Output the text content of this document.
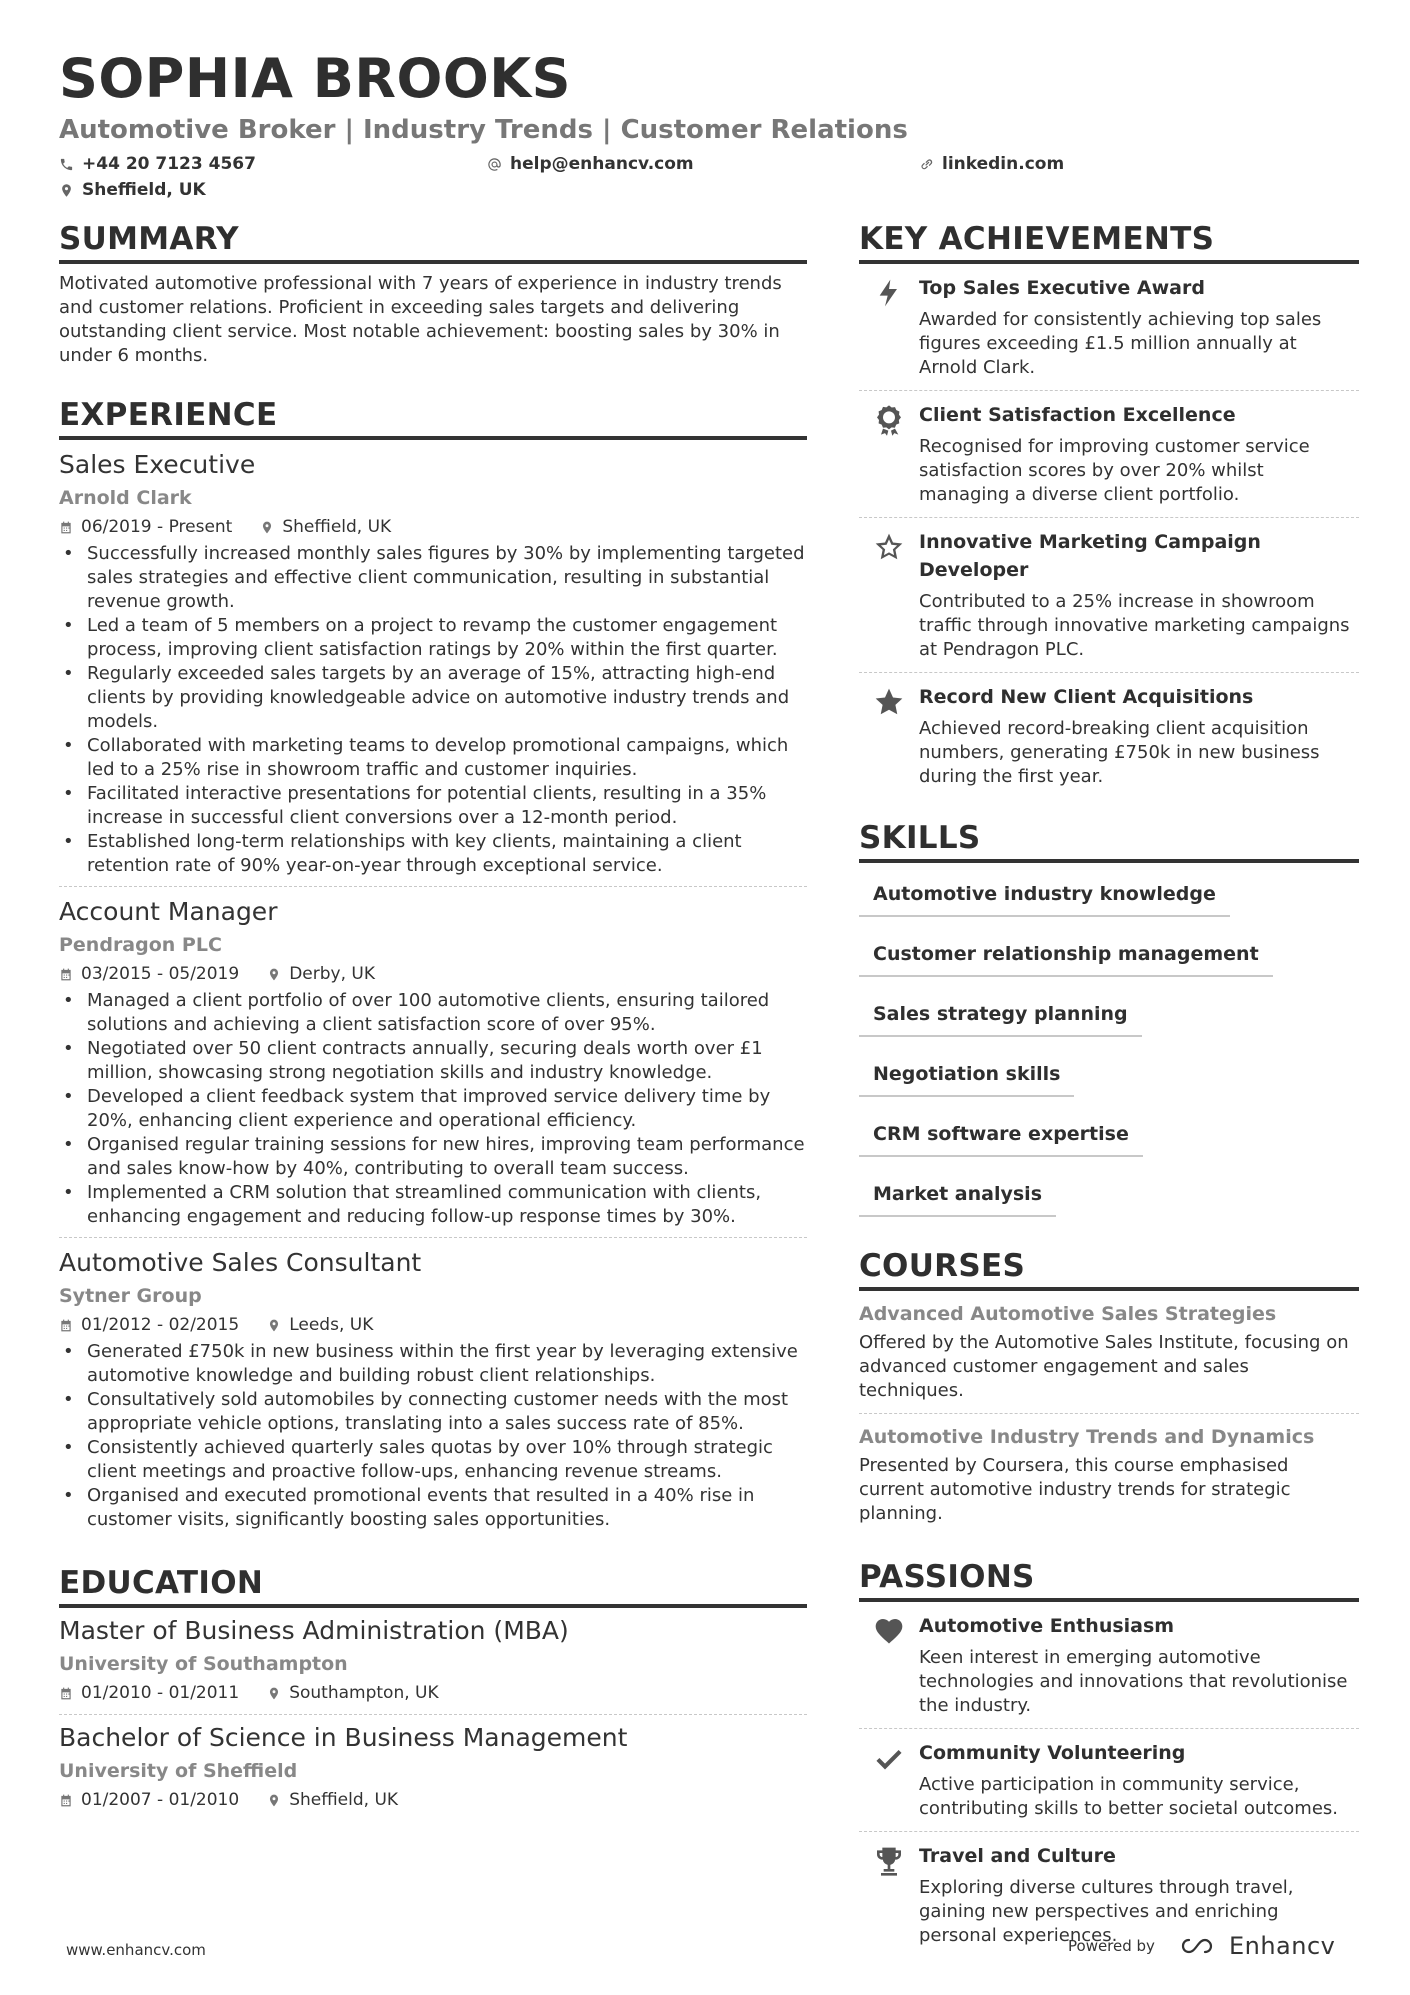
SOPHIA BROOKS
Automotive Broker | Industry Trends | Customer Relations
+44 20 7123 4567	help@enhancv.com	linkedin.com
Sheffield, UK
SUMMARY
Motivated automotive professional with 7 years of experience in industry trends and customer relations. Proficient in exceeding sales targets and delivering outstanding client service. Most notable achievement: boosting sales by 30% in under 6 months.
EXPERIENCE
Sales Executive
Arnold Clark
06/2019 - Present	Sheffield, UK
• Successfully increased monthly sales figures by 30% by implementing targeted sales strategies and effective client communication, resulting in substantial revenue growth.
• Led a team of 5 members on a project to revamp the customer engagement process, improving client satisfaction ratings by 20% within the first quarter.
• Regularly exceeded sales targets by an average of 15%, attracting high-end clients by providing knowledgeable advice on automotive industry trends and models.
• Collaborated with marketing teams to develop promotional campaigns, which led to a 25% rise in showroom traffic and customer inquiries.
• Facilitated interactive presentations for potential clients, resulting in a 35% increase in successful client conversions over a 12-month period.
• Established long-term relationships with key clients, maintaining a client retention rate of 90% year-on-year through exceptional service.
Account Manager
Pendragon PLC
03/2015 - 05/2019	Derby, UK
• Managed a client portfolio of over 100 automotive clients, ensuring tailored solutions and achieving a client satisfaction score of over 95%.
• Negotiated over 50 client contracts annually, securing deals worth over £1 million, showcasing strong negotiation skills and industry knowledge.
• Developed a client feedback system that improved service delivery time by 20%, enhancing client experience and operational efficiency.
• Organised regular training sessions for new hires, improving team performance and sales know-how by 40%, contributing to overall team success.
• Implemented a CRM solution that streamlined communication with clients, enhancing engagement and reducing follow-up response times by 30%.
Automotive Sales Consultant
Sytner Group
01/2012 - 02/2015	Leeds, UK
• Generated £750k in new business within the first year by leveraging extensive automotive knowledge and building robust client relationships.
• Consultatively sold automobiles by connecting customer needs with the most appropriate vehicle options, translating into a sales success rate of 85%.
• Consistently achieved quarterly sales quotas by over 10% through strategic client meetings and proactive follow-ups, enhancing revenue streams.
• Organised and executed promotional events that resulted in a 40% rise in customer visits, significantly boosting sales opportunities.
EDUCATION
Master of Business Administration (MBA)
University of Southampton
01/2010 - 01/2011	Southampton, UK
Bachelor of Science in Business Management
University of Sheffield
01/2007 - 01/2010	Sheffield, UK
KEY ACHIEVEMENTS
Top Sales Executive Award
Awarded for consistently achieving top sales figures exceeding £1.5 million annually at Arnold Clark.
1 Client Satisfaction Excellence
Recognised for improving customer service satisfaction scores by over 20% whilst managing a diverse client portfolio.
Innovative Marketing Campaign Developer
Contributed to a 25% increase in showroom traffic through innovative marketing campaigns at Pendragon PLC.
Record New Client Acquisitions
Achieved record-breaking client acquisition numbers, generating £750k in new business during the first year.
SKILLS
Automotive industry knowledge
Customer relationship management
Sales strategy planning
Negotiation skills
CRM software expertise
Market analysis
COURSES
Advanced Automotive Sales Strategies
Offered by the Automotive Sales Institute, focusing on advanced customer engagement and sales techniques.
Automotive Industry Trends and Dynamics
Presented by Coursera, this course emphasised current automotive industry trends for strategic planning.
PASSIONS
Automotive Enthusiasm
Keen interest in emerging automotive technologies and innovations that revolutionise the industry.
Community Volunteering
Active participation in community service, contributing skills to better societal outcomes.
Travel and Culture
Exploring diverse cultures through travel, gaining new perspectives and enriching personal experiences.
www.enhancv.com	Powered by	Enhancv
